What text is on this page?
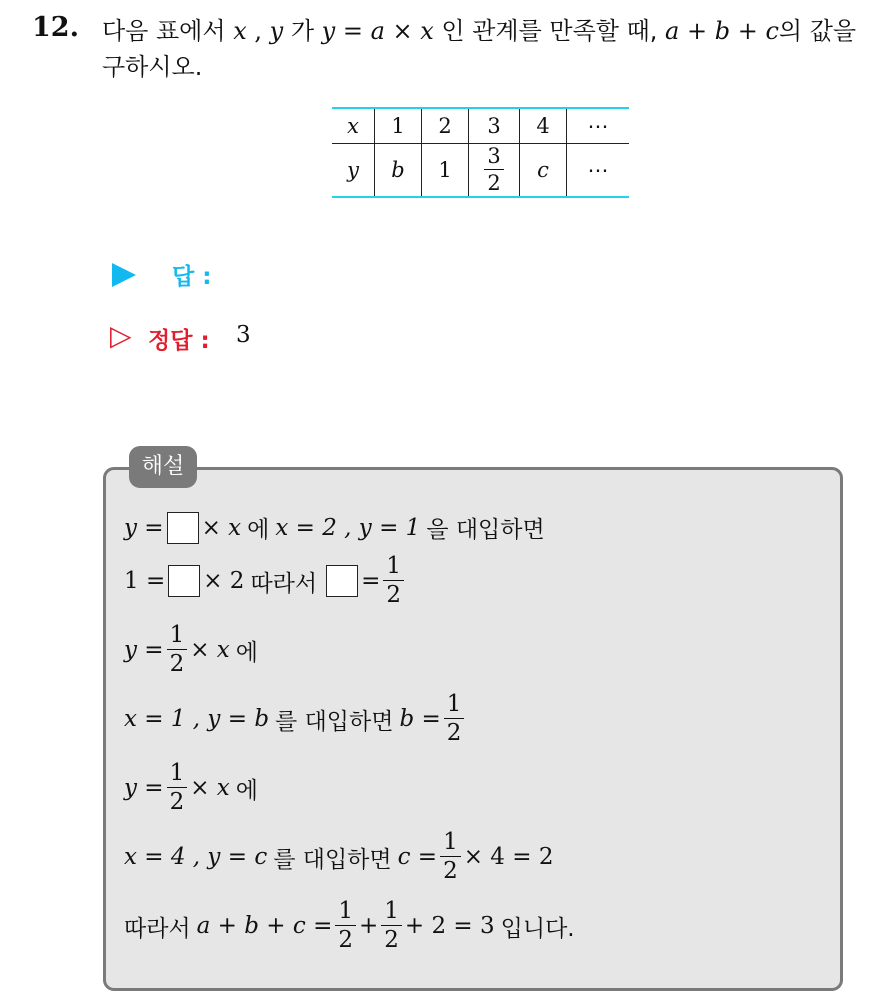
12. 다음 표에서 x , y 가 y = a × x 인 관계를 만족할 때, a + b + c의 값을
구하시오.
x	1	2	3	4	⋯
y	b	1	$\frac{3}{2}$	c	⋯
답 :
▷ 정답 : 3
해설
y = × x 에 x = 2 , y = 1 을 대입하면
1 = × 2 따라서 = $\frac{1}{2}$
$y = \frac{1}{2} \times x$ 에
x = 1 , y = b 를 대입하면 $b = \frac{1}{2}$
$y = \frac{1}{2} \times x$ 에
x = 4 , y = c 를 대입하면 $c = \frac{1}{2} \times 4 = 2$
따라서 $a + b + c = \frac{1}{2} + \frac{1}{2} + 2 = 3$ 입니다.
